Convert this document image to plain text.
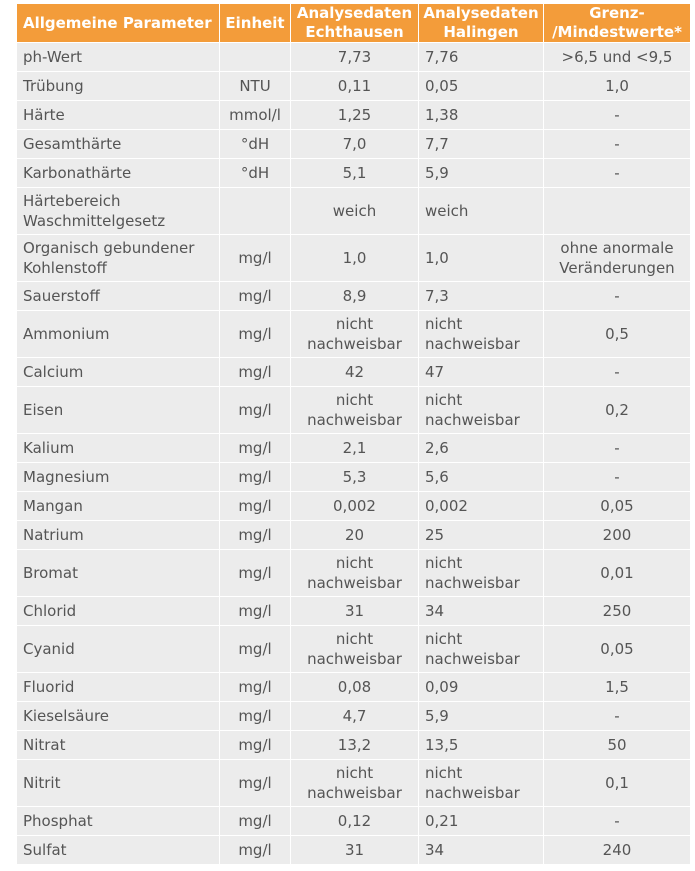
Allgemeine Parameter	Einheit	Analysedaten Echthausen	Analysedaten Halingen	Grenz- /Mindestwerte*
ph-Wert		7,73	7,76	>6,5 und <9,5
Trübung	NTU	0,11	0,05	1,0
Härte	mmol/l	1,25	1,38	-
Gesamthärte	°dH	7,0	7,7	-
Karbonathärte	°dH	5,1	5,9	-
Härtebereich Waschmittelgesetz		weich	weich	
Organisch gebundener Kohlenstoff	mg/l	1,0	1,0	ohne anormale Veränderungen
Sauerstoff	mg/l	8,9	7,3	-
Ammonium	mg/l	nicht nachweisbar	nicht nachweisbar	0,5
Calcium	mg/l	42	47	-
Eisen	mg/l	nicht nachweisbar	nicht nachweisbar	0,2
Kalium	mg/l	2,1	2,6	-
Magnesium	mg/l	5,3	5,6	-
Mangan	mg/l	0,002	0,002	0,05
Natrium	mg/l	20	25	200
Bromat	mg/l	nicht nachweisbar	nicht nachweisbar	0,01
Chlorid	mg/l	31	34	250
Cyanid	mg/l	nicht nachweisbar	nicht nachweisbar	0,05
Fluorid	mg/l	0,08	0,09	1,5
Kieselsäure	mg/l	4,7	5,9	-
Nitrat	mg/l	13,2	13,5	50
Nitrit	mg/l	nicht nachweisbar	nicht nachweisbar	0,1
Phosphat	mg/l	0,12	0,21	-
Sulfat	mg/l	31	34	240
